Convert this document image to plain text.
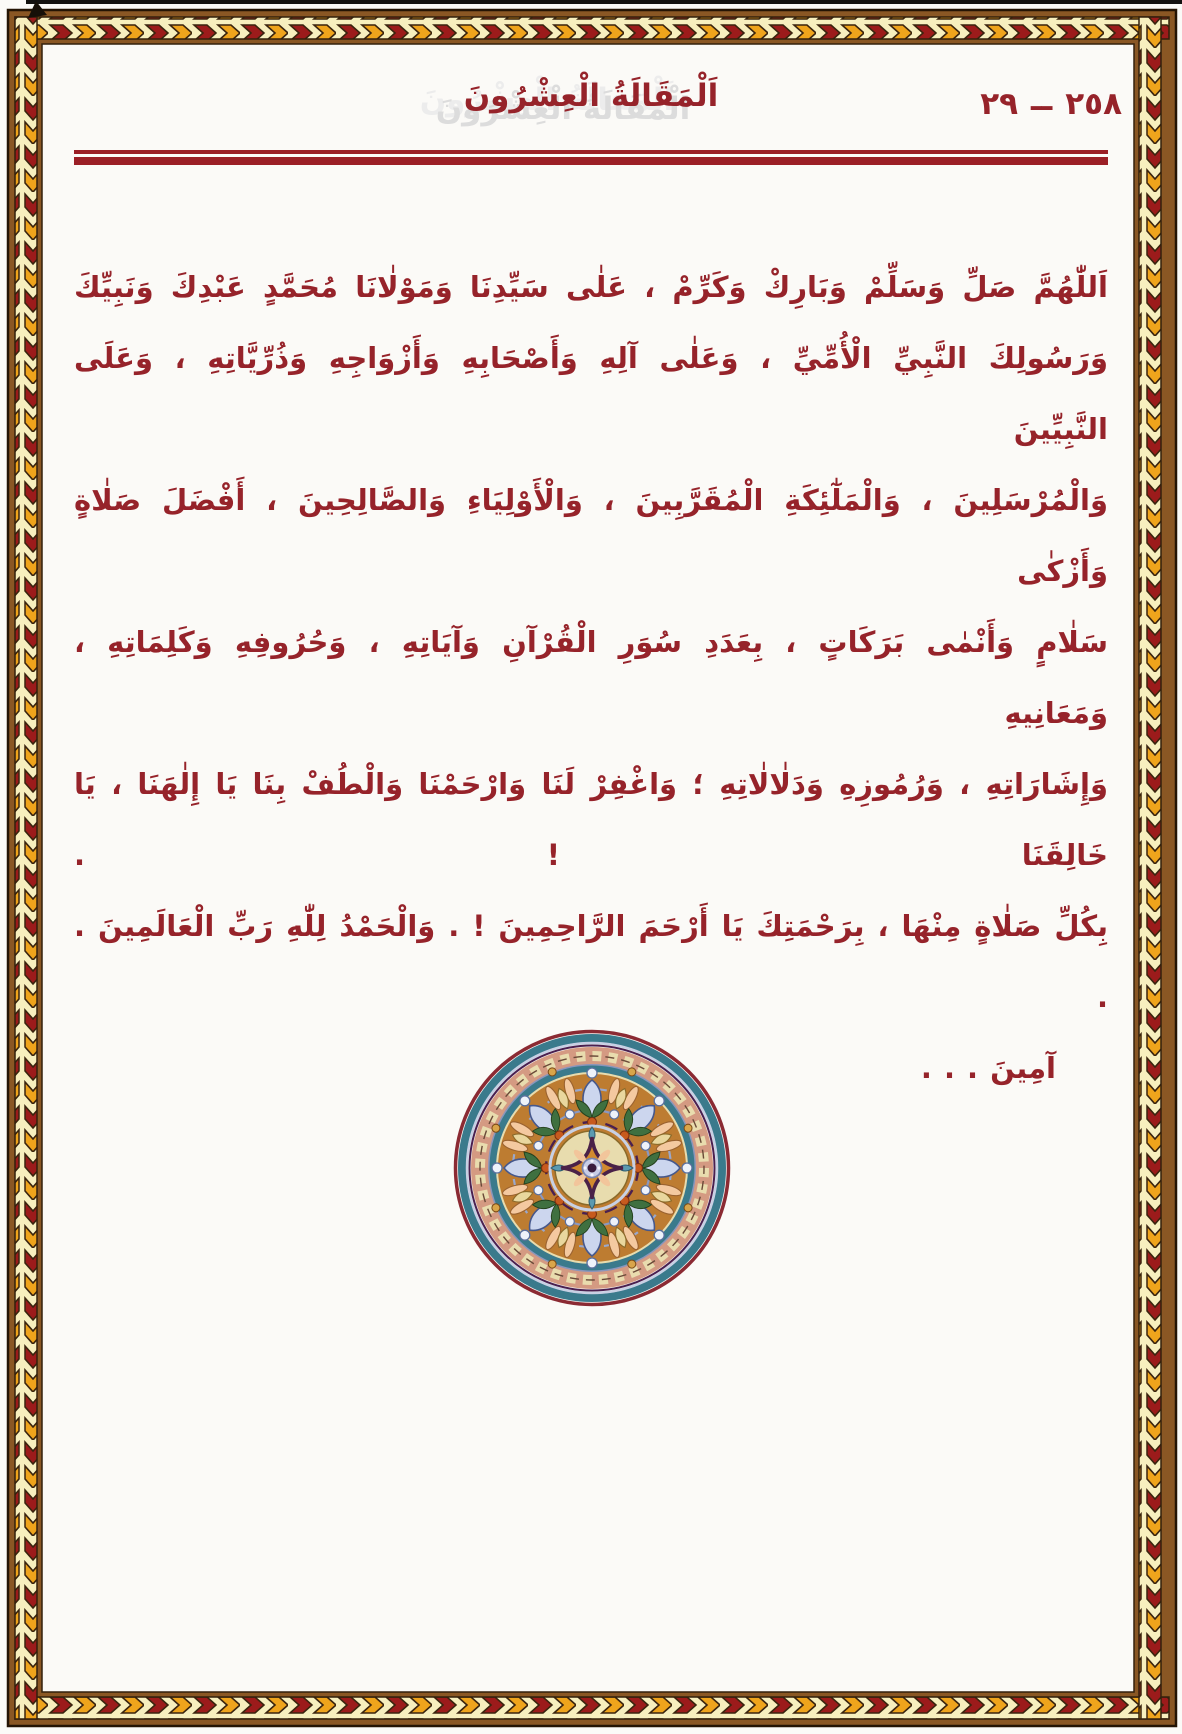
٢٩ ــ ٢٥٨
اَلْمَقَالَةُ الْعِشْرُونَ
اَللّٰهُمَّ صَلِّ وَسَلِّمْ وَبَارِكْ وَكَرِّمْ ، عَلٰى سَيِّدِنَا وَمَوْلٰانَا مُحَمَّدٍ عَبْدِكَ وَنَبِيِّكَ
وَرَسُولِكَ النَّبِيِّ الْأُمِّيِّ ، وَعَلٰى آلِهِ وَأَصْحَابِهِ وَأَزْوَاجِهِ وَذُرِّيَّاتِهِ ، وَعَلَى النَّبِيِّينَ
وَالْمُرْسَلِينَ ، وَالْمَلٰٓئِكَةِ الْمُقَرَّبِينَ ، وَالْأَوْلِيَاءِ وَالصَّالِحِينَ ، أَفْضَلَ صَلٰاةٍ وَأَزْكٰى
سَلٰامٍ وَأَنْمٰى بَرَكَاتٍ ، بِعَدَدِ سُوَرِ الْقُرْآنِ وَآيَاتِهِ ، وَحُرُوفِهِ وَكَلِمَاتِهِ ، وَمَعَانِيهِ
وَإِشَارَاتِهِ ، وَرُمُوزِهِ وَدَلٰالٰاتِهِ ؛ وَاغْفِرْ لَنَا وَارْحَمْنَا وَالْطُفْ بِنَا يَا إِلٰهَنَا ، يَا خَالِقَنَا ! .
بِكُلِّ صَلٰاةٍ مِنْهَا ، بِرَحْمَتِكَ يَا أَرْحَمَ الرَّاحِمِينَ ! . وَالْحَمْدُ لِلّٰهِ رَبِّ الْعَالَمِينَ . .
آمِينَ . . .
